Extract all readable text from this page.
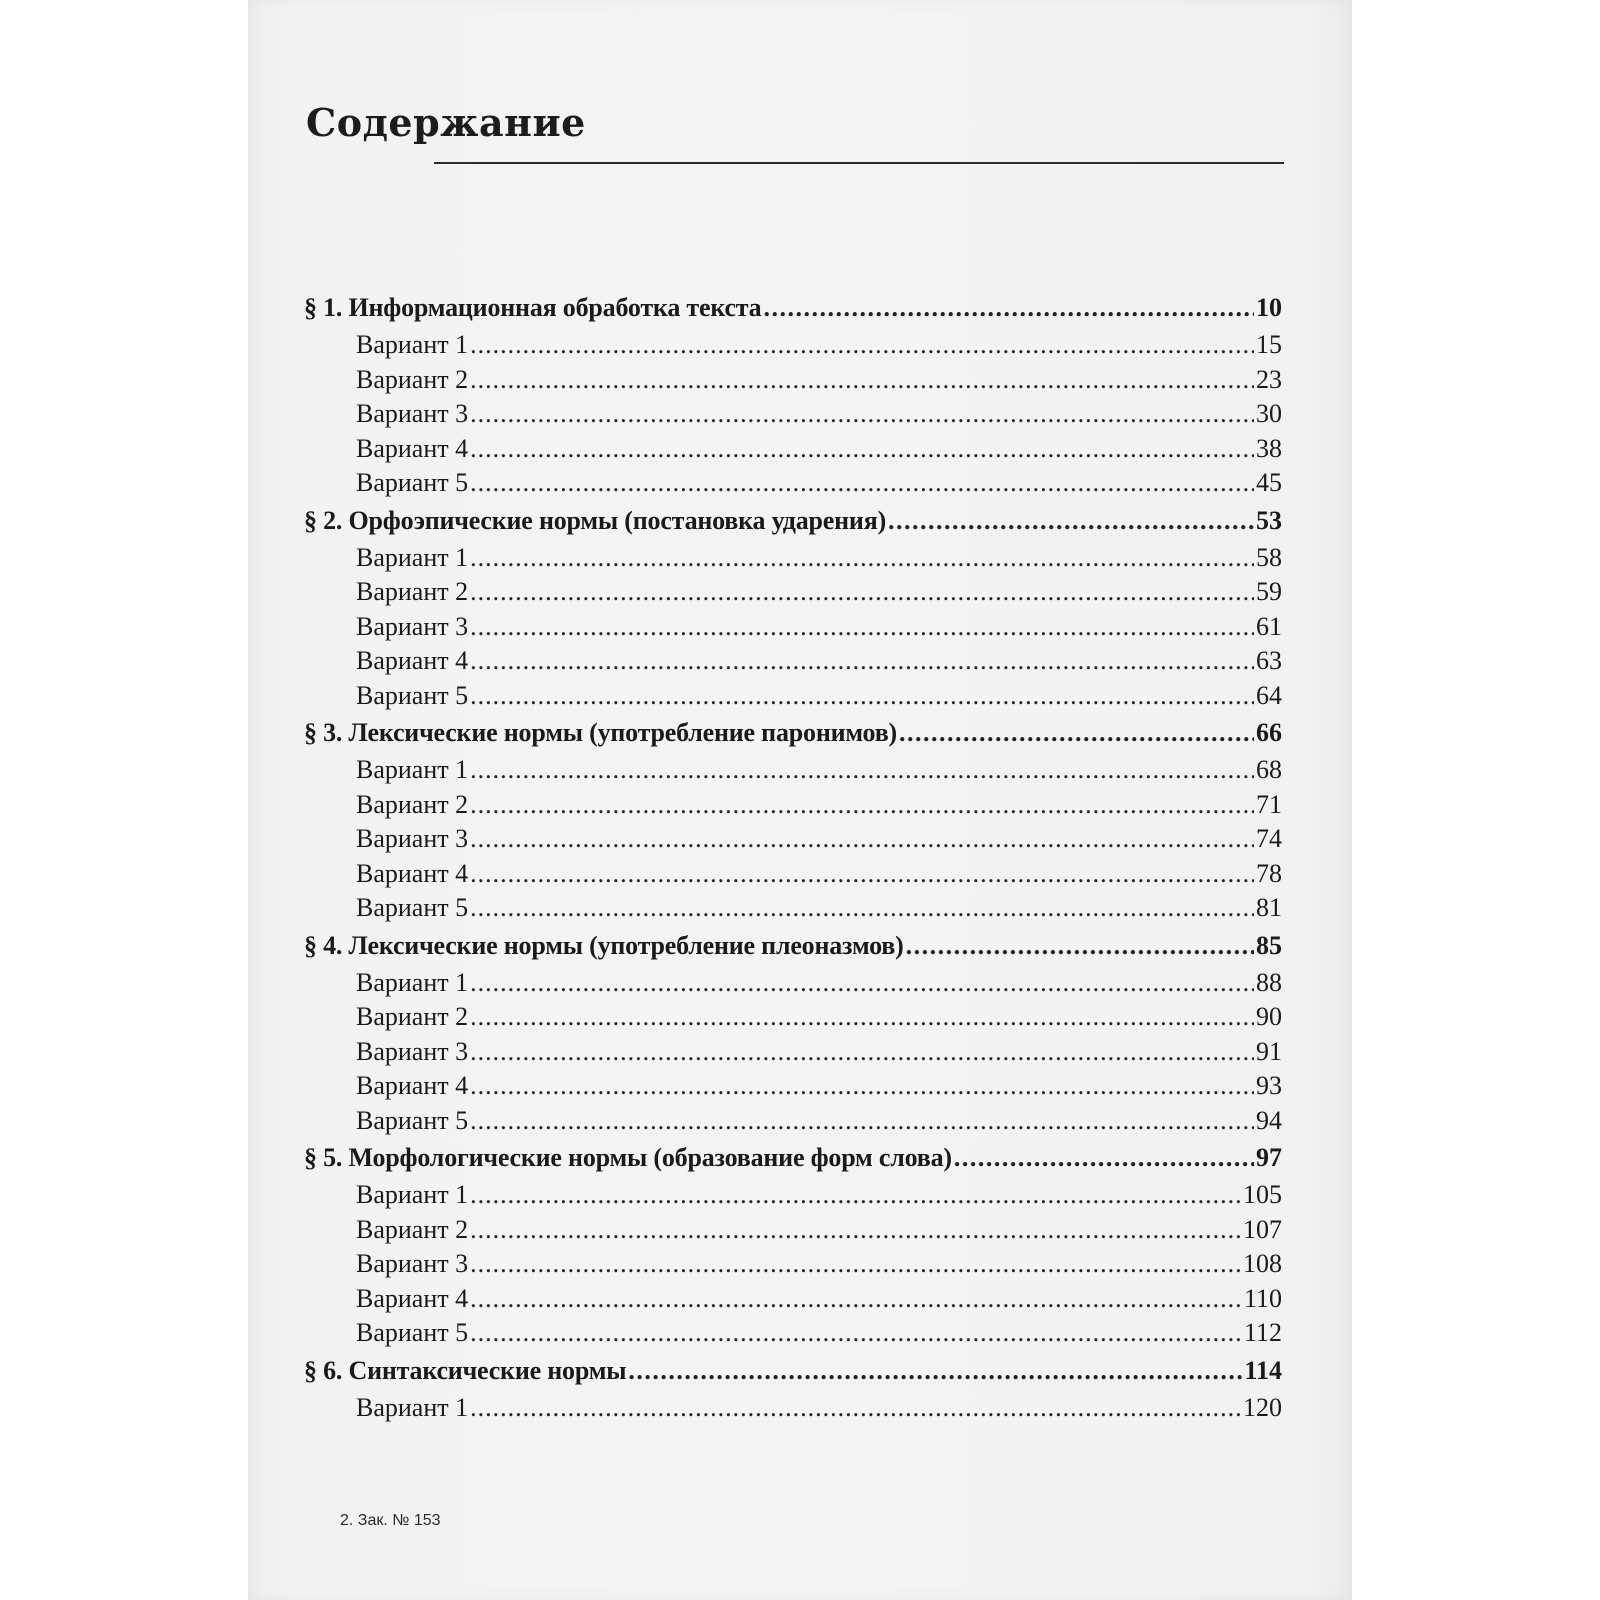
Содержание
§ 1. Информационная обработка текста .....	10
Вариант 1 .....	15
Вариант 2 .....	23
Вариант 3 .....	30
Вариант 4 .....	38
Вариант 5 .....	45
§ 2. Орфоэпические нормы (постановка ударения) .....	53
Вариант 1 .....	58
Вариант 2 .....	59
Вариант 3 .....	61
Вариант 4 .....	63
Вариант 5 .....	64
§ 3. Лексические нормы (употребление паронимов) .....	66
Вариант 1 .....	68
Вариант 2 .....	71
Вариант 3 .....	74
Вариант 4 .....	78
Вариант 5 .....	81
§ 4. Лексические нормы (употребление плеоназмов) .....	85
Вариант 1 .....	88
Вариант 2 .....	90
Вариант 3 .....	91
Вариант 4 .....	93
Вариант 5 .....	94
§ 5. Морфологические нормы (образование форм слова) .....	97
Вариант 1 .....	105
Вариант 2 .....	107
Вариант 3 .....	108
Вариант 4 .....	110
Вариант 5 .....	112
§ 6. Синтаксические нормы .....	114
Вариант 1 .....	120
2. Зак. № 153
